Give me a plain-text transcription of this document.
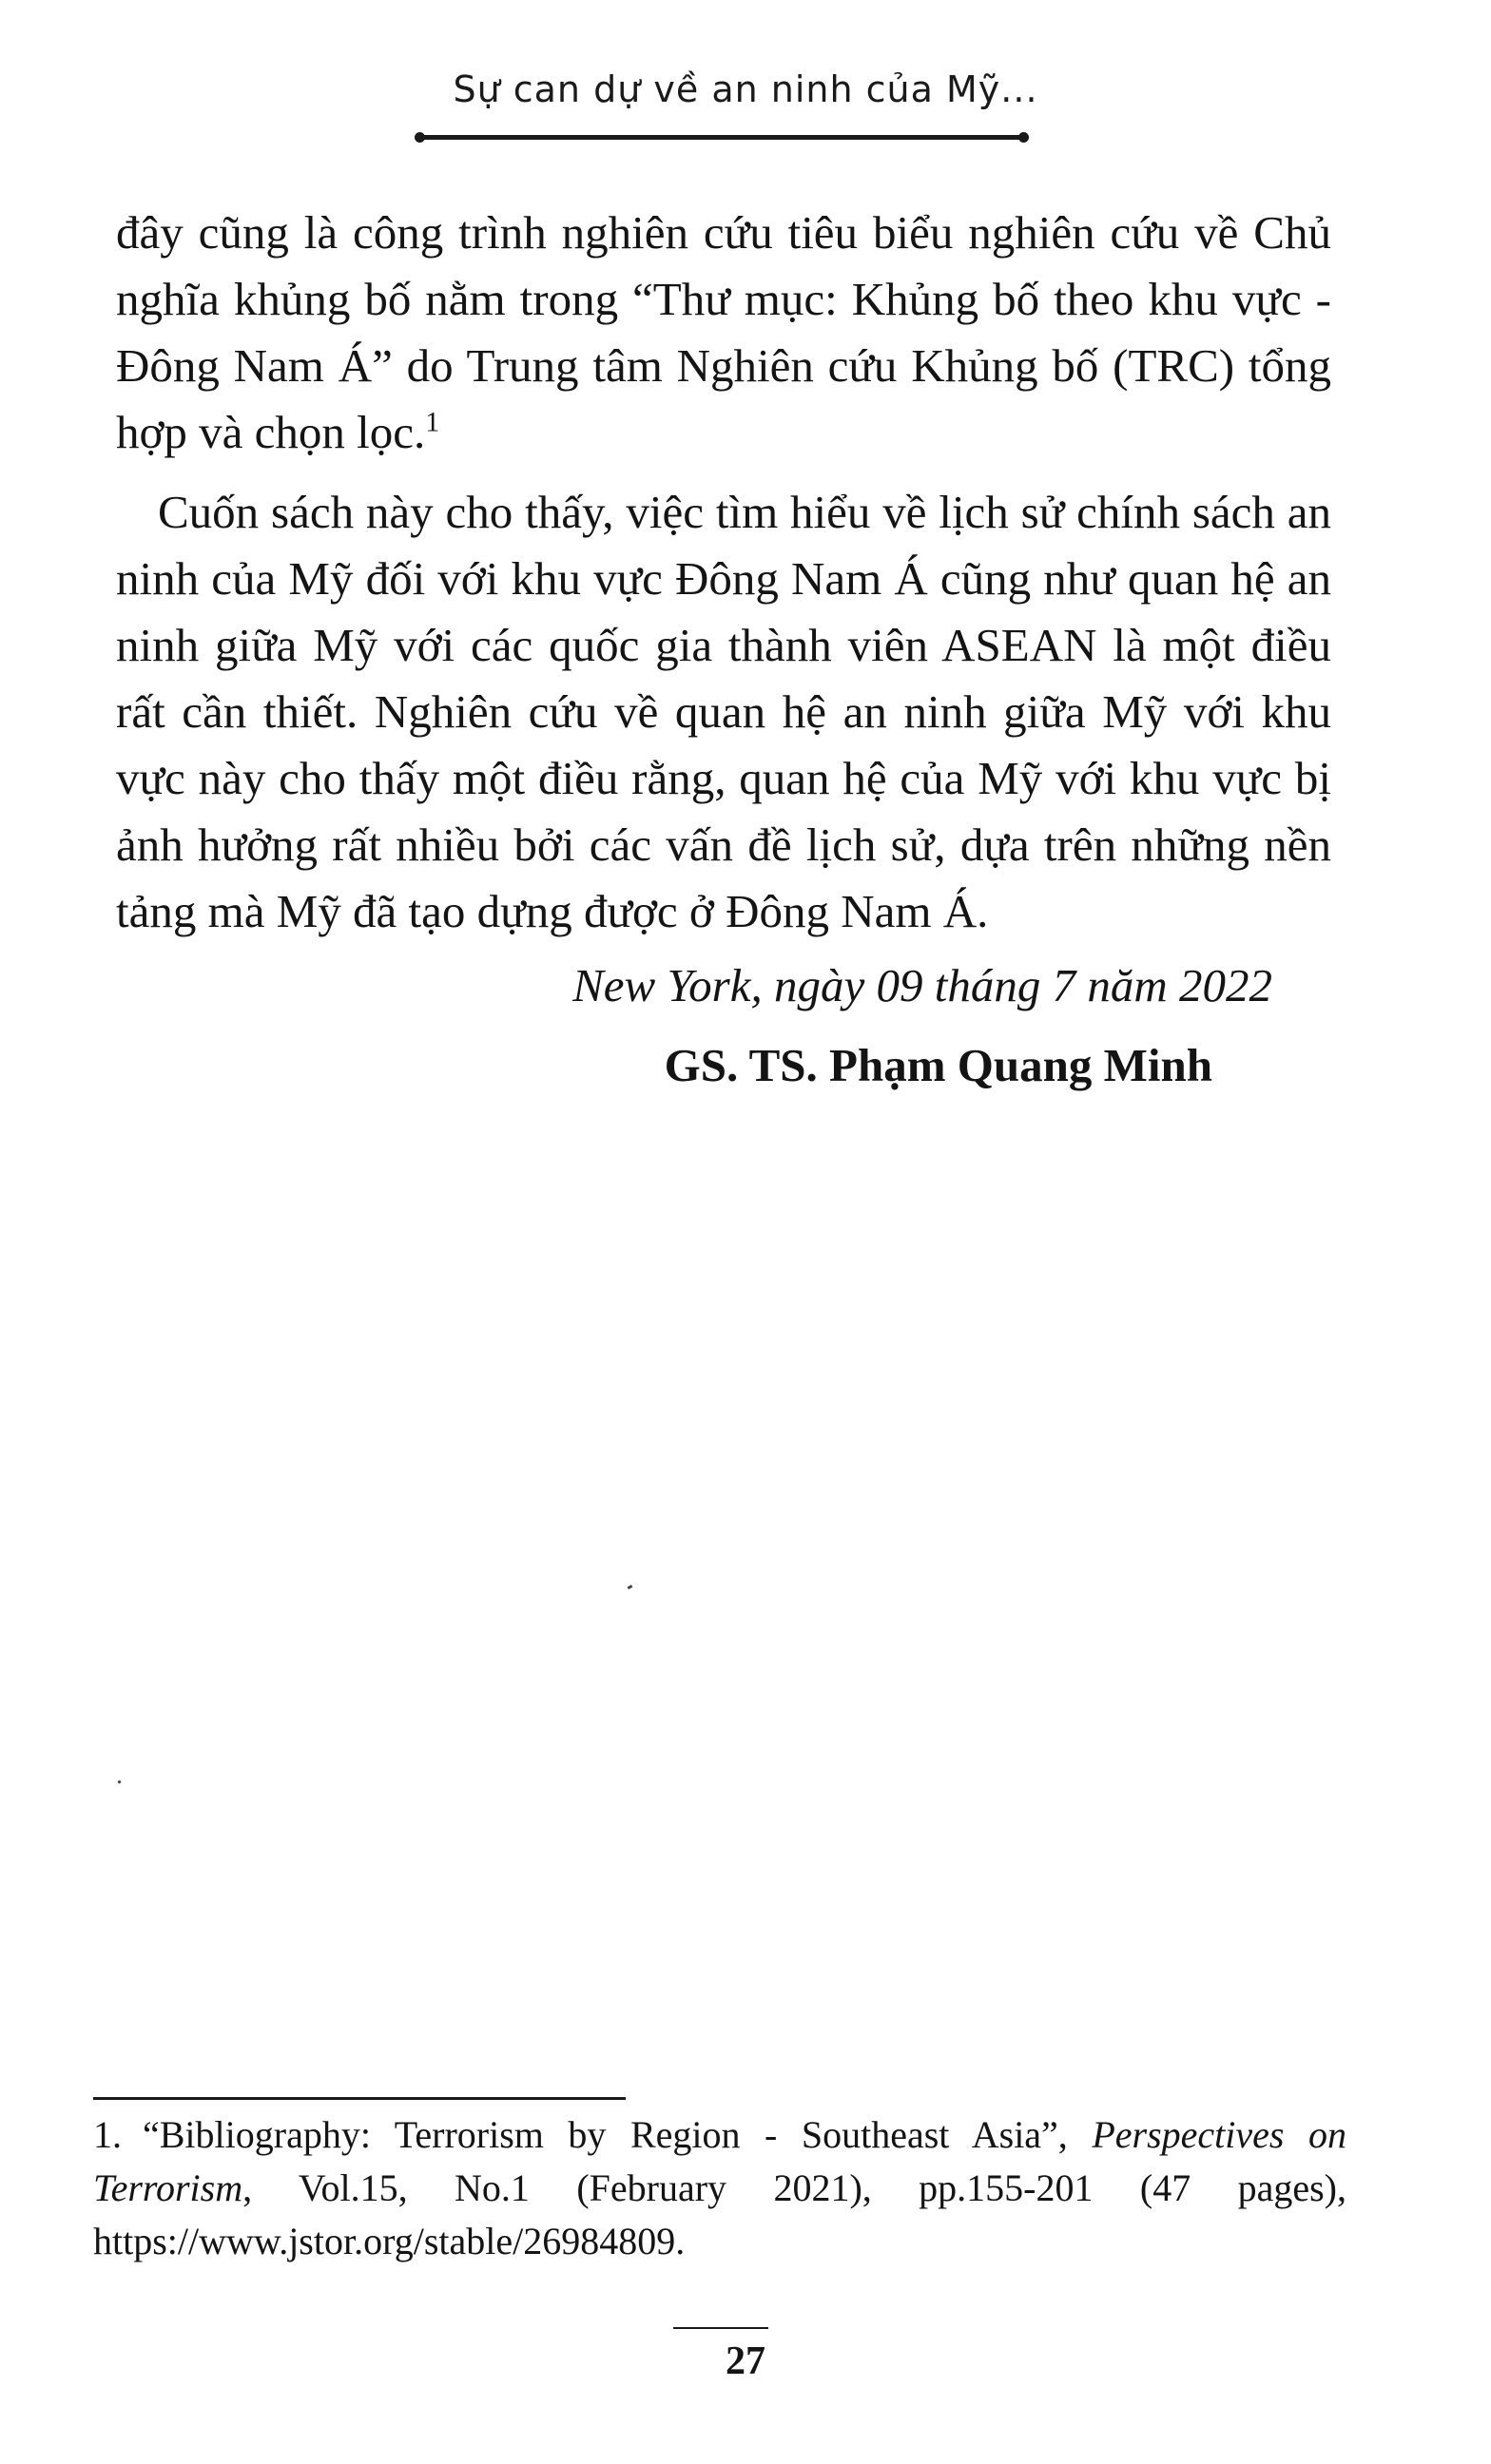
Sự can dự về an ninh của Mỹ...

đây cũng là công trình nghiên cứu tiêu biểu nghiên cứu về Chủ nghĩa khủng bố nằm trong “Thư mục: Khủng bố theo khu vực - Đông Nam Á” do Trung tâm Nghiên cứu Khủng bố (TRC) tổng hợp và chọn lọc.$^1$

Cuốn sách này cho thấy, việc tìm hiểu về lịch sử chính sách an ninh của Mỹ đối với khu vực Đông Nam Á cũng như quan hệ an ninh giữa Mỹ với các quốc gia thành viên ASEAN là một điều rất cần thiết. Nghiên cứu về quan hệ an ninh giữa Mỹ với khu vực này cho thấy một điều rằng, quan hệ của Mỹ với khu vực bị ảnh hưởng rất nhiều bởi các vấn đề lịch sử, dựa trên những nền tảng mà Mỹ đã tạo dựng được ở Đông Nam Á.

New York, ngày 09 tháng 7 năm 2022
GS. TS. Phạm Quang Minh
1. “Bibliography: Terrorism by Region - Southeast Asia”, Perspectives on Terrorism, Vol.15, No.1 (February 2021), pp.155-201 (47 pages), https://www.jstor.org/stable/26984809.
27
